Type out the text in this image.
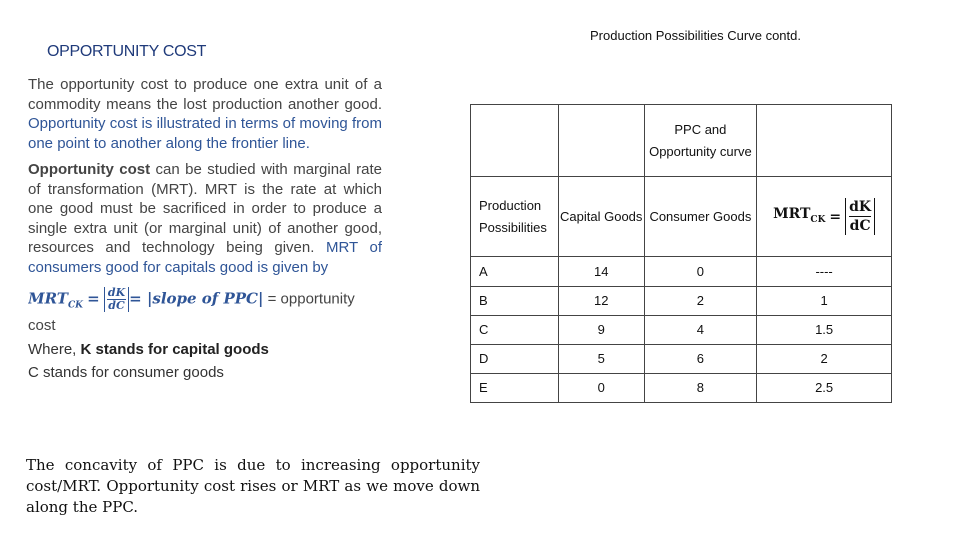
Production Possibilities Curve contd.
OPPORTUNITY COST

The opportunity cost to produce one extra unit of a commodity means the lost production another good. Opportunity cost is illustrated in terms of moving from one point to another along the frontier line.

Opportunity cost can be studied with marginal rate of transformation (MRT). MRT is the rate at which one good must be sacrificed in order to produce a single extra unit (or marginal unit) of another good, resources and technology being given. MRT of consumers good for capitals good is given by

$MRT_{CK} = \frac{dK}{dC}$ = |slope of PPC| = opportunity cost

Where, K stands for capital goods

C stands for consumer goods

The concavity of PPC is due to increasing opportunity cost/MRT. Opportunity cost rises or MRT as we move down along the PPC.

		PPC and Opportunity curve	
Production Possibilities	Capital Goods	Consumer Goods	$MRT_{CK} = \frac{dK}{dC}$

A	14	0	----
B	12	2	1
C	9	4	1.5
D	5	6	2
E	0	8	2.5
